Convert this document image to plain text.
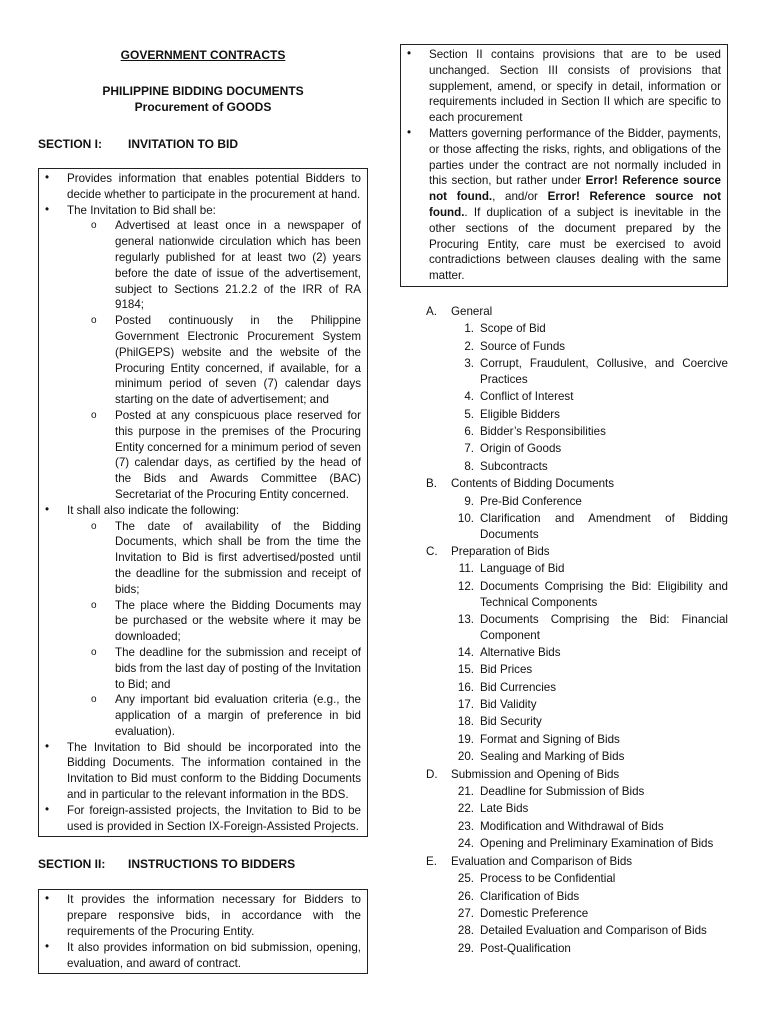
GOVERNMENT CONTRACTS
PHILIPPINE BIDDING DOCUMENTS
Procurement of GOODS
SECTION I:	INVITATION TO BID
•	Provides information that enables potential Bidders to decide whether to participate in the procurement at hand.
•	The Invitation to Bid shall be:
o	Advertised at least once in a newspaper of general nationwide circulation which has been regularly published for at least two (2) years before the date of issue of the advertisement, subject to Sections 21.2.2 of the IRR of RA 9184;
o	Posted continuously in the Philippine Government Electronic Procurement System (PhilGEPS) website and the website of the Procuring Entity concerned, if available, for a minimum period of seven (7) calendar days starting on the date of advertisement; and
o	Posted at any conspicuous place reserved for this purpose in the premises of the Procuring Entity concerned for a minimum period of seven (7) calendar days, as certified by the head of the Bids and Awards Committee (BAC) Secretariat of the Procuring Entity concerned.
•	It shall also indicate the following:
o	The date of availability of the Bidding Documents, which shall be from the time the Invitation to Bid is first advertised/posted until the deadline for the submission and receipt of bids;
o	The place where the Bidding Documents may be purchased or the website where it may be downloaded;
o	The deadline for the submission and receipt of bids from the last day of posting of the Invitation to Bid; and
o	Any important bid evaluation criteria (e.g., the application of a margin of preference in bid evaluation).
•	The Invitation to Bid should be incorporated into the Bidding Documents. The information contained in the Invitation to Bid must conform to the Bidding Documents and in particular to the relevant information in the BDS.
•	For foreign-assisted projects, the Invitation to Bid to be used is provided in Section IX-Foreign-Assisted Projects.
SECTION II:	INSTRUCTIONS TO BIDDERS
•	It provides the information necessary for Bidders to prepare responsive bids, in accordance with the requirements of the Procuring Entity.
•	It also provides information on bid submission, opening, evaluation, and award of contract.
•	Section II contains provisions that are to be used unchanged. Section III consists of provisions that supplement, amend, or specify in detail, information or requirements included in Section II which are specific to each procurement
•	Matters governing performance of the Bidder, payments, or those affecting the risks, rights, and obligations of the parties under the contract are not normally included in this section, but rather under Error! Reference source not found., and/or Error! Reference source not found.. If duplication of a subject is inevitable in the other sections of the document prepared by the Procuring Entity, care must be exercised to avoid contradictions between clauses dealing with the same matter.
A.	General
1. Scope of Bid
2. Source of Funds
3. Corrupt, Fraudulent, Collusive, and Coercive Practices
4. Conflict of Interest
5. Eligible Bidders
6. Bidder’s Responsibilities
7. Origin of Goods
8. Subcontracts
B.	Contents of Bidding Documents
9. Pre-Bid Conference
10. Clarification and Amendment of Bidding Documents
C.	Preparation of Bids
11. Language of Bid
12. Documents Comprising the Bid: Eligibility and Technical Components
13. Documents Comprising the Bid: Financial Component
14. Alternative Bids
15. Bid Prices
16. Bid Currencies
17. Bid Validity
18. Bid Security
19. Format and Signing of Bids
20. Sealing and Marking of Bids
D.	Submission and Opening of Bids
21. Deadline for Submission of Bids
22. Late Bids
23. Modification and Withdrawal of Bids
24. Opening and Preliminary Examination of Bids
E.	Evaluation and Comparison of Bids
25. Process to be Confidential
26. Clarification of Bids
27. Domestic Preference
28. Detailed Evaluation and Comparison of Bids
29. Post-Qualification
